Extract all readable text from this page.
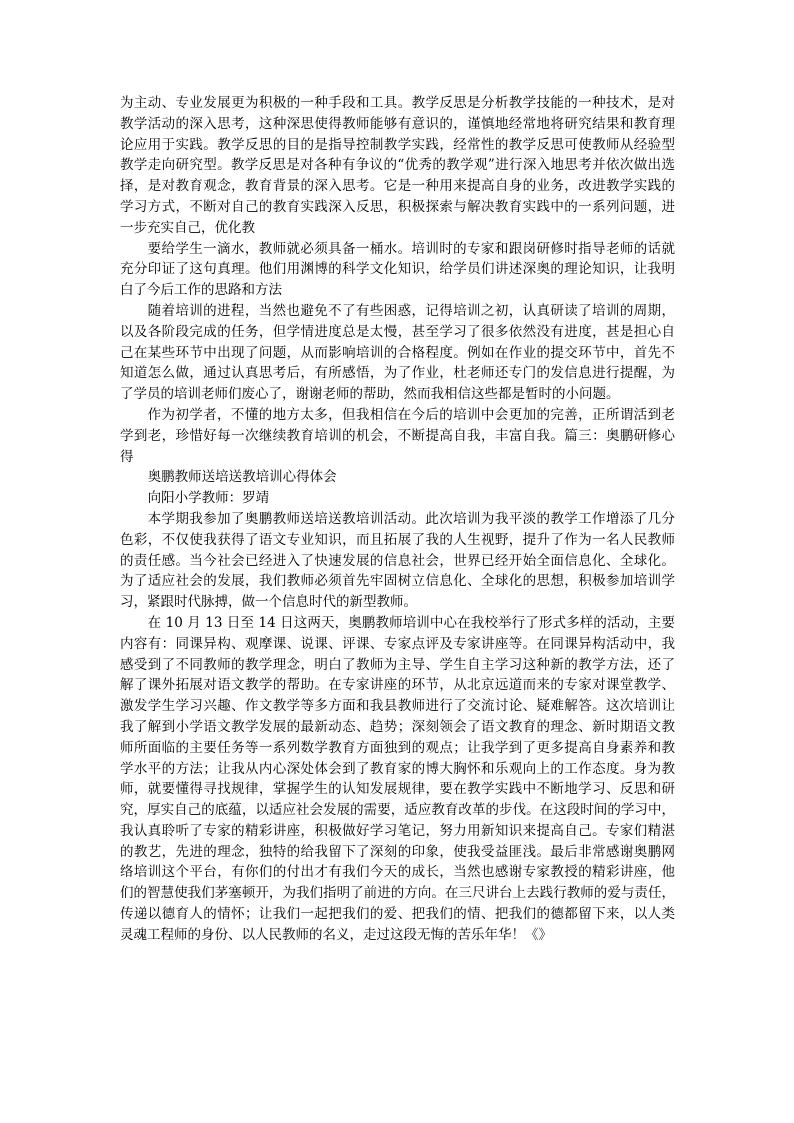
为主动、专业发展更为积极的一种手段和工具。教学反思是分析教学技能的一种技术，是对
教学活动的深入思考，这种深思使得教师能够有意识的，谨慎地经常地将研究结果和教育理
论应用于实践。教学反思的目的是指导控制教学实践，经常性的教学反思可使教师从经验型
教学走向研究型。教学反思是对各种有争议的“优秀的教学观”进行深入地思考并依次做出选
择，是对教育观念，教育背景的深入思考。它是一种用来提高自身的业务，改进教学实践的
学习方式，不断对自己的教育实践深入反思，积极探索与解决教育实践中的一系列问题，进
一步充实自己，优化教
要给学生一滴水，教师就必须具备一桶水。培训时的专家和跟岗研修时指导老师的话就
充分印证了这句真理。他们用渊博的科学文化知识，给学员们讲述深奥的理论知识，让我明
白了今后工作的思路和方法
随着培训的进程，当然也避免不了有些困惑，记得培训之初，认真研读了培训的周期，
以及各阶段完成的任务，但学情进度总是太慢，甚至学习了很多依然没有进度，甚是担心自
己在某些环节中出现了问题，从而影响培训的合格程度。例如在作业的提交环节中，首先不
知道怎么做，通过认真思考后，有所感悟，为了作业，杜老师还专门的发信息进行提醒，为
了学员的培训老师们废心了，谢谢老师的帮助，然而我相信这些都是暂时的小问题。
作为初学者，不懂的地方太多，但我相信在今后的培训中会更加的完善，正所谓活到老
学到老，珍惜好每一次继续教育培训的机会，不断提高自我，丰富自我。篇三：奥鹏研修心
得
奥鹏教师送培送教培训心得体会
向阳小学教师：罗靖
本学期我参加了奥鹏教师送培送教培训活动。此次培训为我平淡的教学工作增添了几分
色彩，不仅使我获得了语文专业知识，而且拓展了我的人生视野，提升了作为一名人民教师
的责任感。当今社会已经进入了快速发展的信息社会，世界已经开始全面信息化、全球化。
为了适应社会的发展，我们教师必须首先牢固树立信息化、全球化的思想，积极参加培训学
习，紧跟时代脉搏，做一个信息时代的新型教师。
在 10 月 13 日至 14 日这两天，奥鹏教师培训中心在我校举行了形式多样的活动，主要
内容有：同课异构、观摩课、说课、评课、专家点评及专家讲座等。在同课异构活动中，我
感受到了不同教师的教学理念，明白了教师为主导、学生自主学习这种新的教学方法，还了
解了课外拓展对语文教学的帮助。在专家讲座的环节，从北京远道而来的专家对课堂教学、
激发学生学习兴趣、作文教学等多方面和我县教师进行了交流讨论、疑难解答。这次培训让
我了解到小学语文教学发展的最新动态、趋势；深刻领会了语文教育的理念、新时期语文教
师所面临的主要任务等一系列数学教育方面独到的观点；让我学到了更多提高自身素养和教
学水平的方法；让我从内心深处体会到了教育家的博大胸怀和乐观向上的工作态度。身为教
师，就要懂得寻找规律，掌握学生的认知发展规律，要在教学实践中不断地学习、反思和研
究，厚实自己的底蕴，以适应社会发展的需要，适应教育改革的步伐。在这段时间的学习中，
我认真聆听了专家的精彩讲座，积极做好学习笔记，努力用新知识来提高自己。专家们精湛
的教艺，先进的理念，独特的给我留下了深刻的印象，使我受益匪浅。最后非常感谢奥鹏网
络培训这个平台，有你们的付出才有我们今天的成长，当然也感谢专家教授的精彩讲座，他
们的智慧使我们茅塞顿开，为我们指明了前进的方向。在三尺讲台上去践行教师的爱与责任，
传递以德育人的情怀；让我们一起把我们的爱、把我们的情、把我们的德都留下来，以人类
灵魂工程师的身份、以人民教师的名义，走过这段无悔的苦乐年华！《》
